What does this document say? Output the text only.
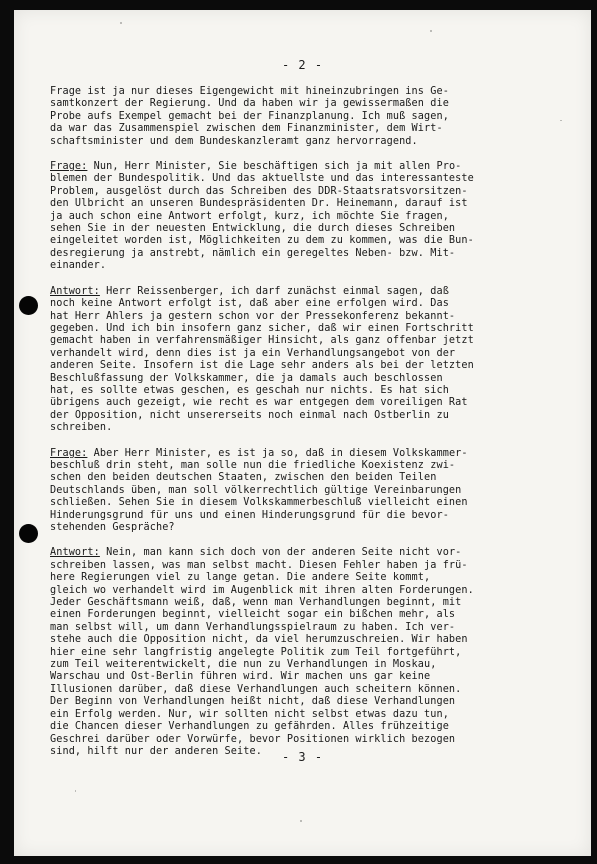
- 2 -

Frage ist ja nur dieses Eigengewicht mit hineinzubringen ins Ge-
samtkonzert der Regierung. Und da haben wir ja gewissermaßen die
Probe aufs Exempel gemacht bei der Finanzplanung. Ich muß sagen,
da war das Zusammenspiel zwischen dem Finanzminister, dem Wirt-
schaftsminister und dem Bundeskanzleramt ganz hervorragend.

Frage: Nun, Herr Minister, Sie beschäftigen sich ja mit allen Pro-
blemen der Bundespolitik. Und das aktuellste und das interessanteste
Problem, ausgelöst durch das Schreiben des DDR-Staatsratsvorsitzen-
den Ulbricht an unseren Bundespräsidenten Dr. Heinemann, darauf ist
ja auch schon eine Antwort erfolgt, kurz, ich möchte Sie fragen,
sehen Sie in der neuesten Entwicklung, die durch dieses Schreiben
eingeleitet worden ist, Möglichkeiten zu dem zu kommen, was die Bun-
desregierung ja anstrebt, nämlich ein geregeltes Neben- bzw. Mit-
einander.

Antwort: Herr Reissenberger, ich darf zunächst einmal sagen, daß
noch keine Antwort erfolgt ist, daß aber eine erfolgen wird. Das
hat Herr Ahlers ja gestern schon vor der Pressekonferenz bekannt-
gegeben. Und ich bin insofern ganz sicher, daß wir einen Fortschritt
gemacht haben in verfahrensmäßiger Hinsicht, als ganz offenbar jetzt
verhandelt wird, denn dies ist ja ein Verhandlungsangebot von der
anderen Seite. Insofern ist die Lage sehr anders als bei der letzten
Beschlußfassung der Volkskammer, die ja damals auch beschlossen
hat, es sollte etwas geschen, es geschah nur nichts. Es hat sich
übrigens auch gezeigt, wie recht es war entgegen dem voreiligen Rat
der Opposition, nicht unsererseits noch einmal nach Ostberlin zu
schreiben.

Frage: Aber Herr Minister, es ist ja so, daß in diesem Volkskammer-
beschluß drin steht, man solle nun die friedliche Koexistenz zwi-
schen den beiden deutschen Staaten, zwischen den beiden Teilen
Deutschlands üben, man soll völkerrechtlich gültige Vereinbarungen
schließen. Sehen Sie in diesem Volkskammerbeschluß vielleicht einen
Hinderungsgrund für uns und einen Hinderungsgrund für die bevor-
stehenden Gespräche?

Antwort: Nein, man kann sich doch von der anderen Seite nicht vor-
schreiben lassen, was man selbst macht. Diesen Fehler haben ja frü-
here Regierungen viel zu lange getan. Die andere Seite kommt,
gleich wo verhandelt wird im Augenblick mit ihren alten Forderungen.
Jeder Geschäftsmann weiß, daß, wenn man Verhandlungen beginnt, mit
einen Forderungen beginnt, vielleicht sogar ein bißchen mehr, als
man selbst will, um dann Verhandlungsspielraum zu haben. Ich ver-
stehe auch die Opposition nicht, da viel herumzuschreien. Wir haben
hier eine sehr langfristig angelegte Politik zum Teil fortgeführt,
zum Teil weiterentwickelt, die nun zu Verhandlungen in Moskau,
Warschau und Ost-Berlin führen wird. Wir machen uns gar keine
Illusionen darüber, daß diese Verhandlungen auch scheitern können.
Der Beginn von Verhandlungen heißt nicht, daß diese Verhandlungen
ein Erfolg werden. Nur, wir sollten nicht selbst etwas dazu tun,
die Chancen dieser Verhandlungen zu gefährden. Alles frühzeitige
Geschrei darüber oder Vorwürfe, bevor Positionen wirklich bezogen
sind, hilft nur der anderen Seite.	- 3 -
